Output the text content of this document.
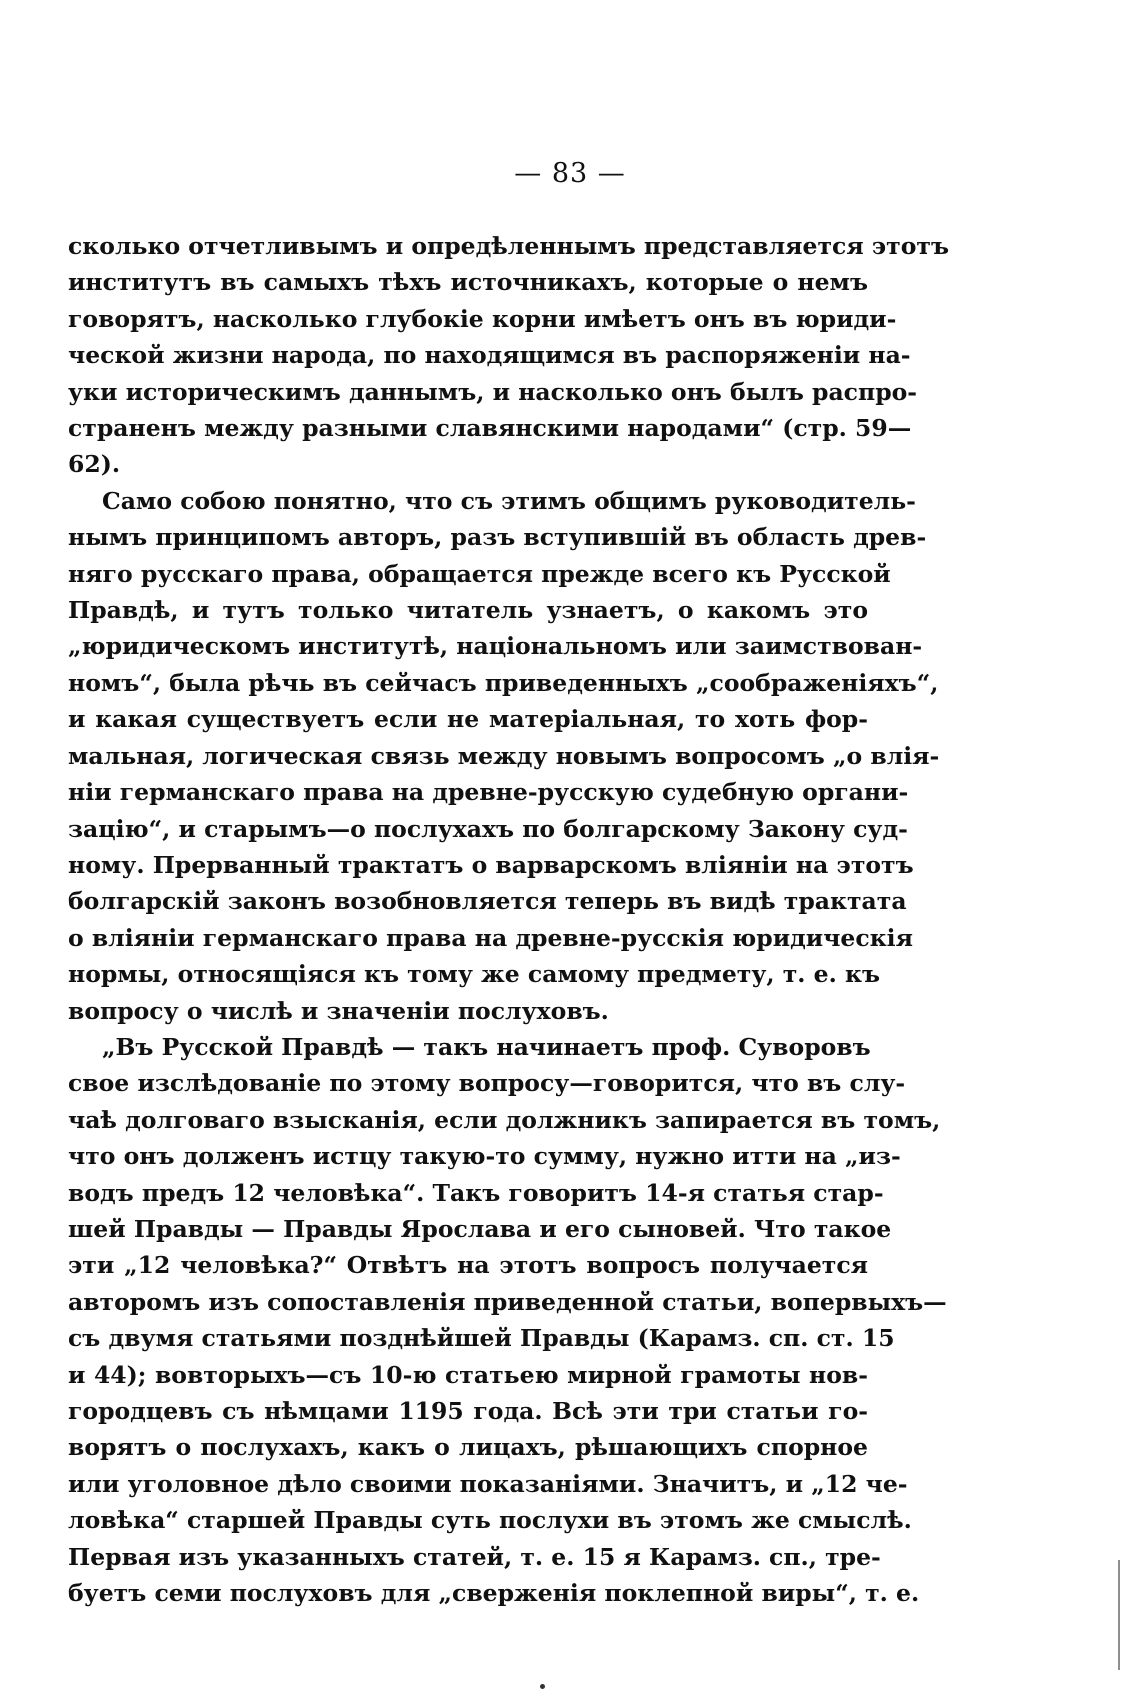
— 83 —
сколько отчетливымъ и опредѣленнымъ представляется этотъ
институтъ въ самыхъ тѣхъ источникахъ, которые о немъ
говорятъ, насколько глубокіе корни имѣетъ онъ въ юриди-
ческой жизни народа, по находящимся въ распоряженіи на-
уки историческимъ даннымъ, и насколько онъ былъ распро-
страненъ между разными славянскими народами“ (стр. 59—
62).
Само собою понятно, что съ этимъ общимъ руководитель-
нымъ принципомъ авторъ, разъ вступившій въ область древ-
няго русскаго права, обращается прежде всего къ Русской
Правдѣ, и тутъ только читатель узнаетъ, о какомъ это
„юридическомъ институтѣ, національномъ или заимствован-
номъ“, была рѣчь въ сейчасъ приведенныхъ „соображеніяхъ“,
и какая существуетъ если не матеріальная, то хоть фор-
мальная, логическая связь между новымъ вопросомъ „о влія-
ніи германскаго права на древне-русскую судебную органи-
зацію“, и старымъ—о послухахъ по болгарскому Закону суд-
ному. Прерванный трактатъ о варварскомъ вліяніи на этотъ
болгарскій законъ возобновляется теперь въ видѣ трактата
о вліяніи германскаго права на древне-русскія юридическія
нормы, относящіяся къ тому же самому предмету, т. е. къ
вопросу о числѣ и значеніи послуховъ.
„Въ Русской Правдѣ — такъ начинаетъ проф. Суворовъ
свое изслѣдованіе по этому вопросу—говорится, что въ слу-
чаѣ долговаго взысканія, если должникъ запирается въ томъ,
что онъ долженъ истцу такую-то сумму, нужно итти на „из-
водъ предъ 12 человѣка“. Такъ говоритъ 14-я статья стар-
шей Правды — Правды Ярослава и его сыновей. Что такое
эти „12 человѣка?“ Отвѣтъ на этотъ вопросъ получается
авторомъ изъ сопоставленія приведенной статьи, вопервыхъ—
съ двумя статьями позднѣйшей Правды (Карамз. сп. ст. 15
и 44); вовторыхъ—съ 10-ю статьею мирной грамоты нов-
городцевъ съ нѣмцами 1195 года. Всѣ эти три статьи го-
ворятъ о послухахъ, какъ о лицахъ, рѣшающихъ спорное
или уголовное дѣло своими показаніями. Значитъ, и „12 че-
ловѣка“ старшей Правды суть послухи въ этомъ же смыслѣ.
Первая изъ указанныхъ статей, т. е. 15 я Карамз. сп., тре-
буетъ семи послуховъ для „сверженія поклепной виры“, т. е.
